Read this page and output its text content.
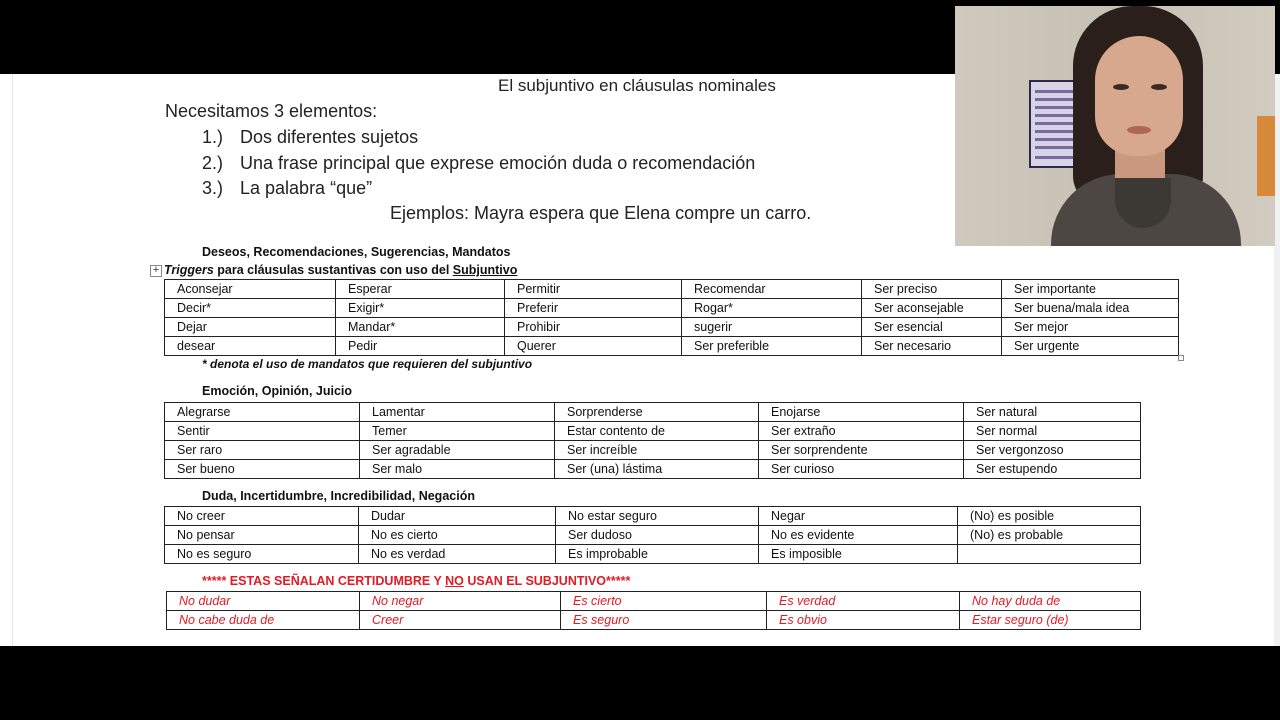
El subjuntivo en cláusulas nominales
Necesitamos 3 elementos:
1.) Dos diferentes sujetos
2.) Una frase principal que exprese emoción duda o recomendación
3.) La palabra “que”
Ejemplos: Mayra espera que Elena compre un carro.
Deseos, Recomendaciones, Sugerencias, Mandatos
Triggers para cláusulas sustantivas con uso del Subjuntivo
+
Aconsejar	Esperar	Permitir	Recomendar	Ser preciso	Ser importante
Decir*	Exigir*	Preferir	Rogar*	Ser aconsejable	Ser buena/mala idea
Dejar	Mandar*	Prohibir	sugerir	Ser esencial	Ser mejor
desear	Pedir	Querer	Ser preferible	Ser necesario	Ser urgente
* denota el uso de mandatos que requieren del subjuntivo
Emoción, Opinión, Juicio
Alegrarse	Lamentar	Sorprenderse	Enojarse	Ser natural
Sentir	Temer	Estar contento de	Ser extraño	Ser normal
Ser raro	Ser agradable	Ser increíble	Ser sorprendente	Ser vergonzoso
Ser bueno	Ser malo	Ser (una) lástima	Ser curioso	Ser estupendo
Duda, Incertidumbre, Incredibilidad, Negación
No creer	Dudar	No estar seguro	Negar	(No) es posible
No pensar	No es cierto	Ser dudoso	No es evidente	(No) es probable
No es seguro	No es verdad	Es improbable	Es imposible	
***** ESTAS SEÑALAN CERTIDUMBRE Y NO USAN EL SUBJUNTIVO*****
No dudar	No negar	Es cierto	Es verdad	No hay duda de
No cabe duda de	Creer	Es seguro	Es obvio	Estar seguro (de)
